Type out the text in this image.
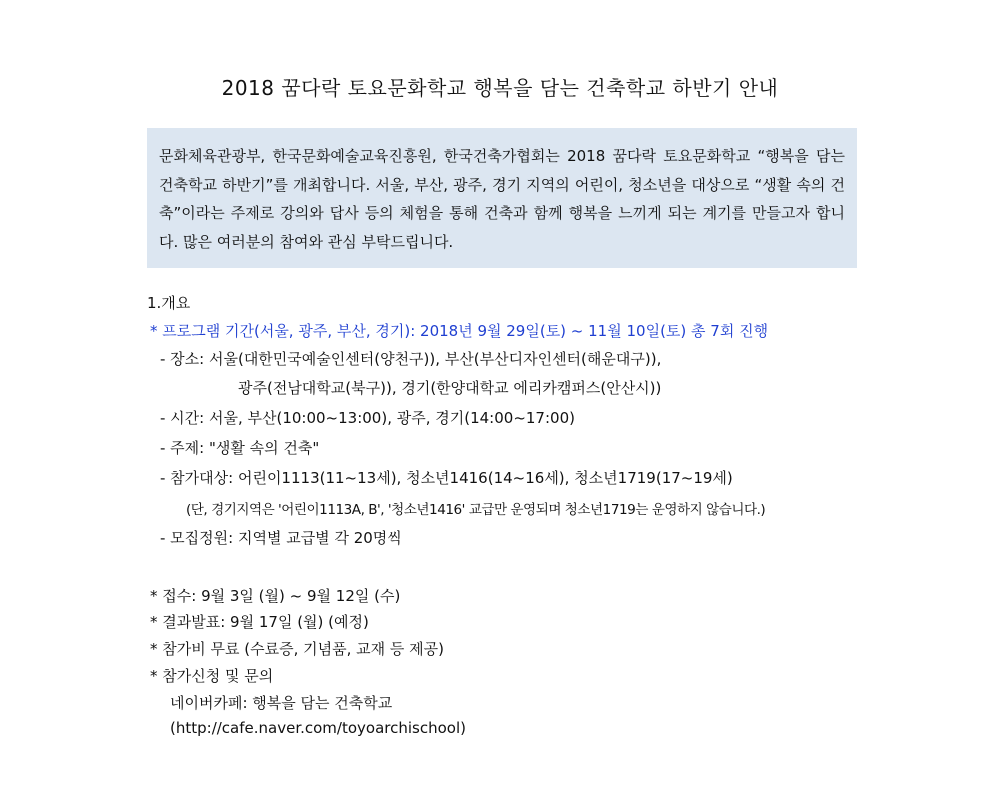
2018 꿈다락 토요문화학교 행복을 담는 건축학교 하반기 안내

문화체육관광부, 한국문화예술교육진흥원, 한국건축가협회는 2018 꿈다락 토요문화학교 “행복을 담는 건축학교 하반기”를 개최합니다. 서울, 부산, 광주, 경기 지역의 어린이, 청소년을 대상으로 “생활 속의 건축”이라는 주제로 강의와 답사 등의 체험을 통해 건축과 함께 행복을 느끼게 되는 계기를 만들고자 합니다. 많은 여러분의 참여와 관심 부탁드립니다.

1.개요
* 프로그램 기간(서울, 광주, 부산, 경기): 2018년 9월 29일(토) ~ 11월 10일(토) 총 7회 진행
- 장소: 서울(대한민국예술인센터(양천구)), 부산(부산디자인센터(해운대구)),
광주(전남대학교(북구)), 경기(한양대학교 에리카캠퍼스(안산시))
- 시간: 서울, 부산(10:00~13:00), 광주, 경기(14:00~17:00)
- 주제: "생활 속의 건축"
- 참가대상: 어린이1113(11~13세), 청소년1416(14~16세), 청소년1719(17~19세)
(단, 경기지역은 '어린이1113A, B', '청소년1416' 교급만 운영되며 청소년1719는 운영하지 않습니다.)
- 모집정원: 지역별 교급별 각 20명씩
* 접수: 9월 3일 (월) ~ 9월 12일 (수)
* 결과발표: 9월 17일 (월) (예정)
* 참가비 무료 (수료증, 기념품, 교재 등 제공)
* 참가신청 및 문의
네이버카페: 행복을 담는 건축학교
(http://cafe.naver.com/toyoarchischool)
